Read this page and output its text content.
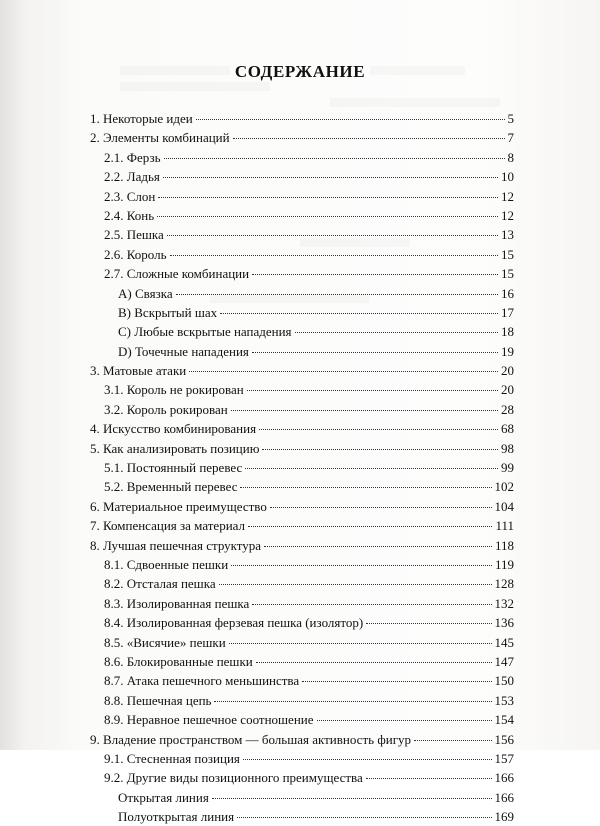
СОДЕРЖАНИЕ
1. Некоторые идеи	5
2. Элементы комбинаций	7
2.1. Ферзь	8
2.2. Ладья	10
2.3. Слон	12
2.4. Конь	12
2.5. Пешка	13
2.6. Король	15
2.7. Сложные комбинации	15
A) Связка	16
B) Вскрытый шах	17
C) Любые вскрытые нападения	18
D) Точечные нападения	19
3. Матовые атаки	20
3.1. Король не рокирован	20
3.2. Король рокирован	28
4. Искусство комбинирования	68
5. Как анализировать позицию	98
5.1. Постоянный перевес	99
5.2. Временный перевес	102
6. Материальное преимущество	104
7. Компенсация за материал	111
8. Лучшая пешечная структура	118
8.1. Сдвоенные пешки	119
8.2. Отсталая пешка	128
8.3. Изолированная пешка	132
8.4. Изолированная ферзевая пешка (изолятор)	136
8.5. «Висячие» пешки	145
8.6. Блокированные пешки	147
8.7. Атака пешечного меньшинства	150
8.8. Пешечная цепь	153
8.9. Неравное пешечное соотношение	154
9. Владение пространством — большая активность фигур	156
9.1. Стесненная позиция	157
9.2. Другие виды позиционного преимущества	166
Открытая линия	166
Полуоткрытая линия	169
